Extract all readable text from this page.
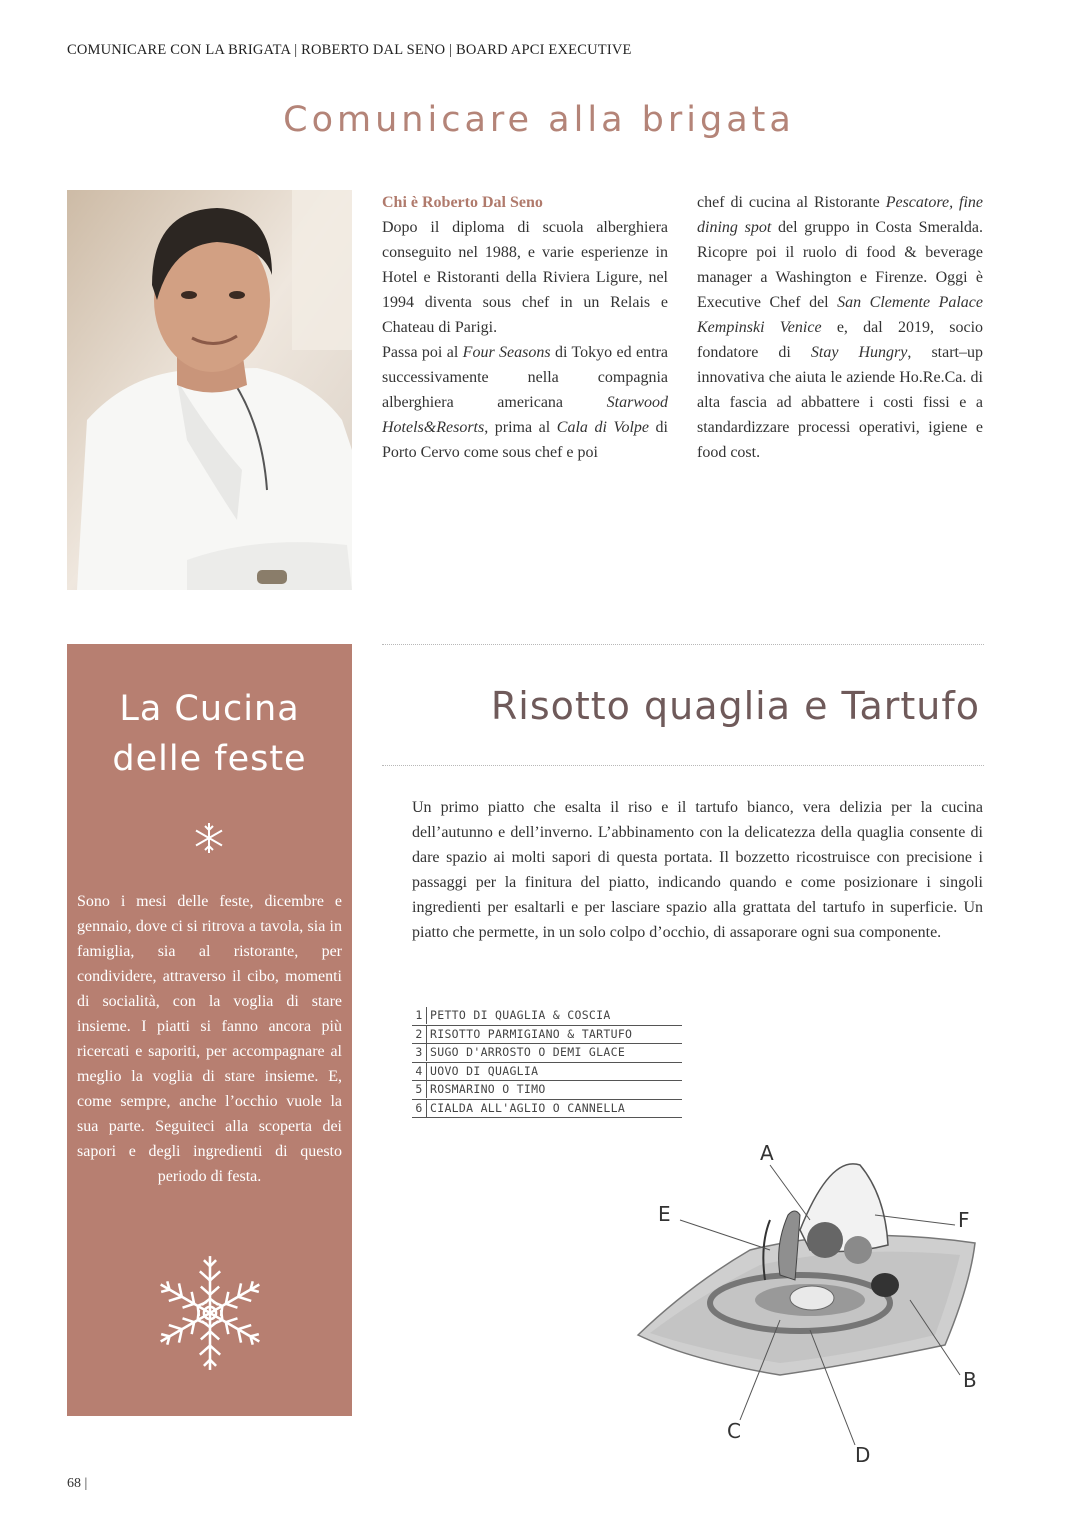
COMUNICARE CON LA BRIGATA | ROBERTO DAL SENO | BOARD APCI EXECUTIVE
Comunicare alla brigata

Chi è Roberto Dal Seno

Dopo il diploma di scuola alberghiera conseguito nel 1988, e varie esperienze in Hotel e Ristoranti della Riviera Ligure, nel 1994 diventa sous chef in un Relais e Chateau di Parigi.

Passa poi al Four Seasons di Tokyo ed entra successivamente nella compagnia alberghiera americana Starwood Hotels&Resorts, prima al Cala di Volpe di Porto Cervo come sous chef e poi

chef di cucina al Ristorante Pescatore, fine dining spot del gruppo in Costa Smeralda. Ricopre poi il ruolo di food & beverage manager a Washington e Firenze. Oggi è Executive Chef del San Clemente Palace Kempinski Venice e, dal 2019, socio fondatore di Stay Hungry, start–up innovativa che aiuta le aziende Ho.Re.Ca. di alta fascia ad abbattere i costi fissi e a standardizzare processi operativi, igiene e food cost.

La Cucina
delle feste
Sono i mesi delle feste, dicembre e gennaio, dove ci si ritrova a tavola, sia in famiglia, sia al ristorante, per condividere, attraverso il cibo, momenti di socialità, con la voglia di stare insieme. I piatti si fanno ancora più ricercati e saporiti, per accompagnare al meglio la voglia di stare insieme. E, come sempre, anche l’occhio vuole la sua parte. Seguiteci alla scoperta dei sapori e degli ingredienti di questo periodo di festa.
Risotto quaglia e Tartufo
Un primo piatto che esalta il riso e il tartufo bianco, vera delizia per la cucina dell’autunno e dell’inverno. L’abbinamento con la delicatezza della quaglia consente di dare spazio ai molti sapori di questa portata. Il bozzetto ricostruisce con precisione i passaggi per la finitura del piatto, indicando quando e come posizionare i singoli ingredienti per esaltarli e per lasciare spazio alla grattata del tartufo in superficie. Un piatto che permette, in un solo colpo d’occhio, di assaporare ogni sua componente.
1 PETTO DI QUAGLIA & COSCIA
2 RISOTTO PARMIGIANO & TARTUFO
3 SUGO D'ARROSTO O DEMI GLACE
4 UOVO DI QUAGLIA
5 ROSMARINO O TIMO
6 CIALDA ALL'AGLIO O CANNELLA
A
B
C
D
E	F
68 |
